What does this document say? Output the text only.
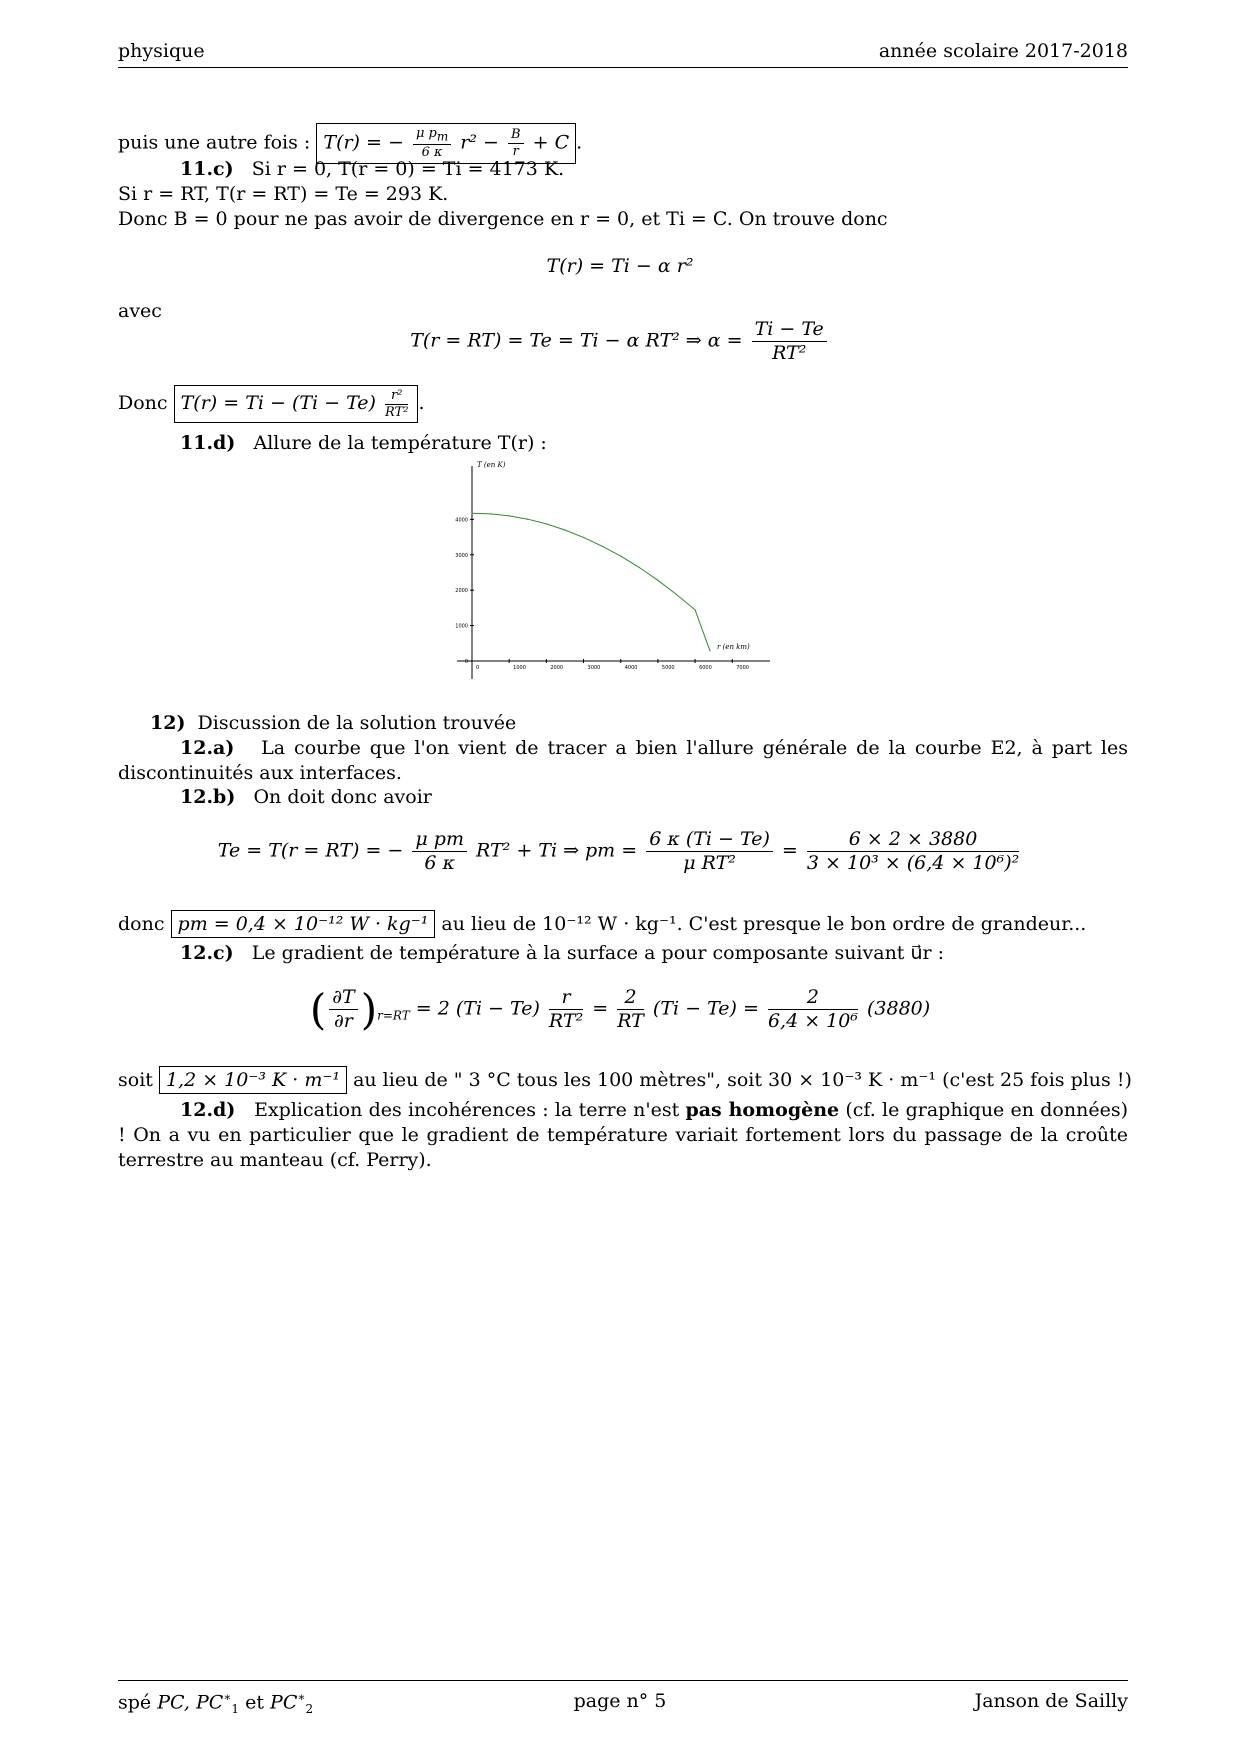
physique	année scolaire 2017-2018
puis une autre fois : T(r) = − $\frac{\mu p_m}{6 \kappa} r^2 - \frac{B}{r} + C$ .
11.c) Si r = 0, T(r = 0) = Ti = 4173 K.
Si r = RT, T(r = RT) = Te = 293 K.
Donc B = 0 pour ne pas avoir de divergence en r = 0, et Ti = C. On trouve donc
T(r) = Ti − α r²
avec
T(r = RT) = Te = Ti − α RT² ⇒ $\alpha = \frac{Ti - Te}{\text{RT²}}$
Donc $T(r) = Ti - (Ti - Te) \frac{\text{r²}}{\text{RT²}}$ .
11.d) Allure de la température T(r) :
0	1000	2000	3000	4000	5000	6000	7000
0
1000
2000
3000
4000
T (en K)
r (en km)
12) Discussion de la solution trouvée
12.a) La courbe que l'on vient de tracer a bien l'allure générale de la courbe E2, à part les discontinuités aux interfaces.
12.b) On doit donc avoir
Te = T(r = RT) = − $\frac{\text{μ pm}}{6 \kappa} RT^2 + Ti$ ⇒ pm = $\frac{6 \kappa (Ti - Te)}{\text{μ RT²}} = \frac{6 \times 2 \times 3880}{\text{3 × 10³ × (6,4 × 10⁶)²}}$
donc pm = 0,4 × 10⁻¹² W · kg⁻¹ au lieu de 10⁻¹² W · kg⁻¹. C'est presque le bon ordre de grandeur...
12.c) Le gradient de température à la surface a pour composante suivant u⃗r :
( $\frac{\partial T}{\partial r} )_{r=RT} = 2$ $(Ti - Te) \frac{r}{\text{RT²}} = \frac{2}{RT} (Ti - Te) = \frac{2}{\text{6,4 × 10⁶}} (3880)$
soit 1,2 × 10⁻³ K · m⁻¹ au lieu de " 3 °C tous les 100 mètres", soit 30 × 10⁻³ K · m⁻¹ (c'est 25 fois plus !)
12.d) Explication des incohérences : la terre n'est pas homogène (cf. le graphique en données) ! On a vu en particulier que le gradient de température variait fortement lors du passage de la croûte terrestre au manteau (cf. Perry).
spé PC, $PC^∗_1$ et $PC^∗_2$	page n° 5	Janson de Sailly
